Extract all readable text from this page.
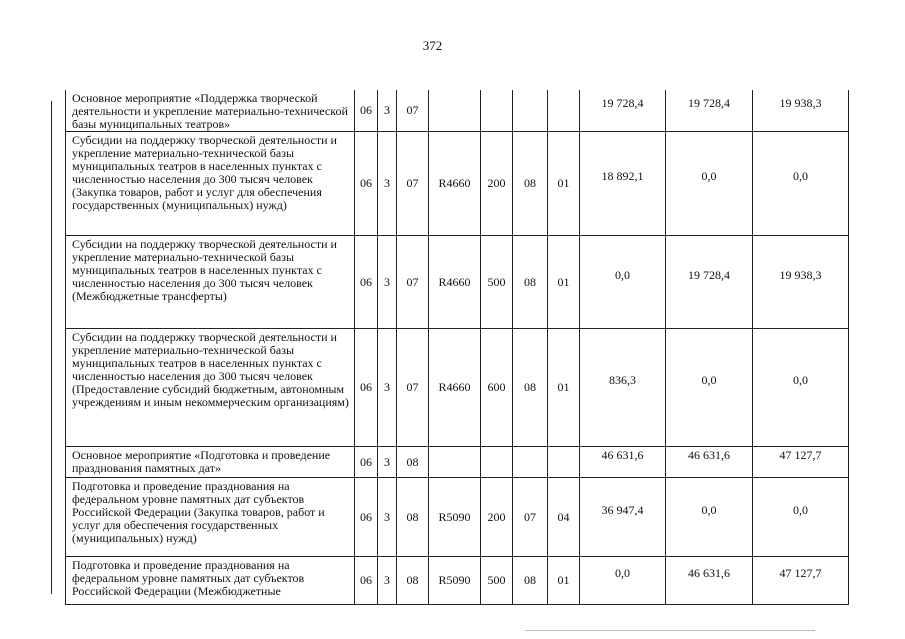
372
Основное мероприятие «Поддержка творческой деятельности и укрепление материально-технической базы муниципальных театров»	06	3	07					19 728,4	19 728,4	19 938,3
Субсидии на поддержку творческой деятельности и укрепление материально-технической базы муниципальных театров в населенных пунктах с численностью населения до 300 тысяч человек (Закупка товаров, работ и услуг для обеспечения государственных (муниципальных) нужд)	06	3	07	R4660	200	08	01	18 892,1	0,0	0,0
Субсидии на поддержку творческой деятельности и укрепление материально-технической базы муниципальных театров в населенных пунктах с численностью населения до 300 тысяч человек (Межбюджетные трансферты)	06	3	07	R4660	500	08	01	0,0	19 728,4	19 938,3
Субсидии на поддержку творческой деятельности и укрепление материально-технической базы муниципальных театров в населенных пунктах с численностью населения до 300 тысяч человек (Предоставление субсидий бюджетным, автономным учреждениям и иным некоммерческим организациям)	06	3	07	R4660	600	08	01	836,3	0,0	0,0
Основное мероприятие «Подготовка и проведение празднования памятных дат»	06	3	08					46 631,6	46 631,6	47 127,7
Подготовка и проведение празднования на федеральном уровне памятных дат субъектов Российской Федерации (Закупка товаров, работ и услуг для обеспечения государственных (муниципальных) нужд)	06	3	08	R5090	200	07	04	36 947,4	0,0	0,0
Подготовка и проведение празднования на федеральном уровне памятных дат субъектов Российской Федерации (Межбюджетные	06	3	08	R5090	500	08	01	0,0	46 631,6	47 127,7
